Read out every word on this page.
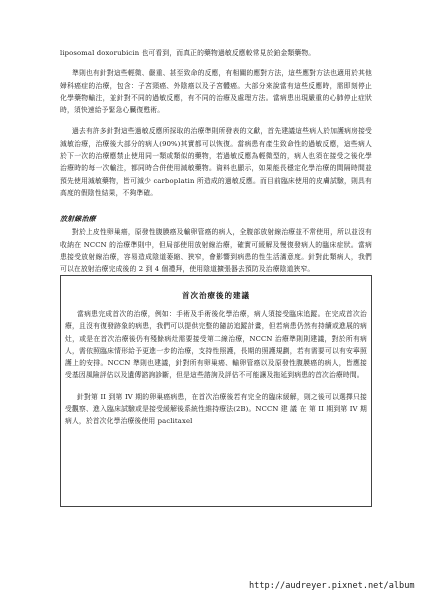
liposomal doxorubicin 也可看到，而真正的藥物過敏反應較常見於鉑金類藥物。

準則也有針對這些輕微、嚴重、甚至致命的反應，有相關的應對方法，這些應對方法也適用於其他婦科癌症的治療，包含：子宮頸癌、外陰癌以及子宮體癌。大部分來說當有這些反應時，需即刻停止化學藥物輸注，並針對不同的過敏反應，有不同的治療及處理方法。當病患出現嚴重的心肺停止症狀時，須快速給予緊急心臟復甦術。

過去有許多針對這些過敏反應所採取的治療準則所發表的文獻，首先建議這些病人於加護病房接受減敏治療，治療後大部分的病人(90%)其實都可以恢復。當病患有產生致命性的過敏反應，這些病人於下一次的治療應禁止使用同一類或類似的藥物，若過敏反應為輕微型的，病人也須在接受之後化學治療時的每一次輸注，都同時合併使用減敏藥物。資料也顯示，如果能長穩定化學治療的間隔時間並預先使用減敏藥物，皆可減少 carboplatin 所造成的過敏反應。而目前臨床使用的皮膚試驗，則具有高度的假陰性結果，不夠準確。

放射線治療

對於上皮性卵巢癌，原發性腹膜癌及輸卵管癌的病人，全腹部放射線治療並不常使用，所以並沒有收納在 NCCN 的治療準則中，但局部使用放射線治療，確實可緩解及慢復發病人的臨床症狀。當病患接受放射線治療，容易造成陰道萎縮、狹窄，會影響到病患的性生活滿意度。針對此類病人，我們可以在放射治療完成後的 2 到 4 個禮拜，使用陰道擴張器去預防及治療陰道狹窄。

首次治療後的建議

當病患完成首次的治療，例如：手術及手術後化學治療，病人須接受臨床追蹤。在完成首次治療，且沒有復發跡象的病患，我們可以提供完整的隨訪追蹤計畫，但若病患仍然有持續或進展的病灶，或是在首次治療後仍有殘餘病灶需要接受第二線治療，NCCN 治療準則則建議，對於所有病人，需依照臨床情形給予更進一步的治療，支持性照護，長期的照護規劃，若有需要可以有安寧照護上的安排。NCCN 準則也建議，針對所有卵巢癌、輸卵管癌以及原發性腹膜癌的病人，皆應接受基因風險評估以及遺傳諮詢診斷，但是這些諮詢及評估不可能讓及拖延到病患的首次治療時間。

針對第 II 到第 IV 期的卵巢癌病患，在首次治療後若有完全的臨床緩解，則之後可以選擇只接受觀察、進入臨床試驗或是接受緩解後系統性維持療法(2B)。NCCN 建 議 在 第 II 期到第 IV 期病人，於首次化學治療後使用 paclitaxel

http://audreyer.pixnet.net/album
